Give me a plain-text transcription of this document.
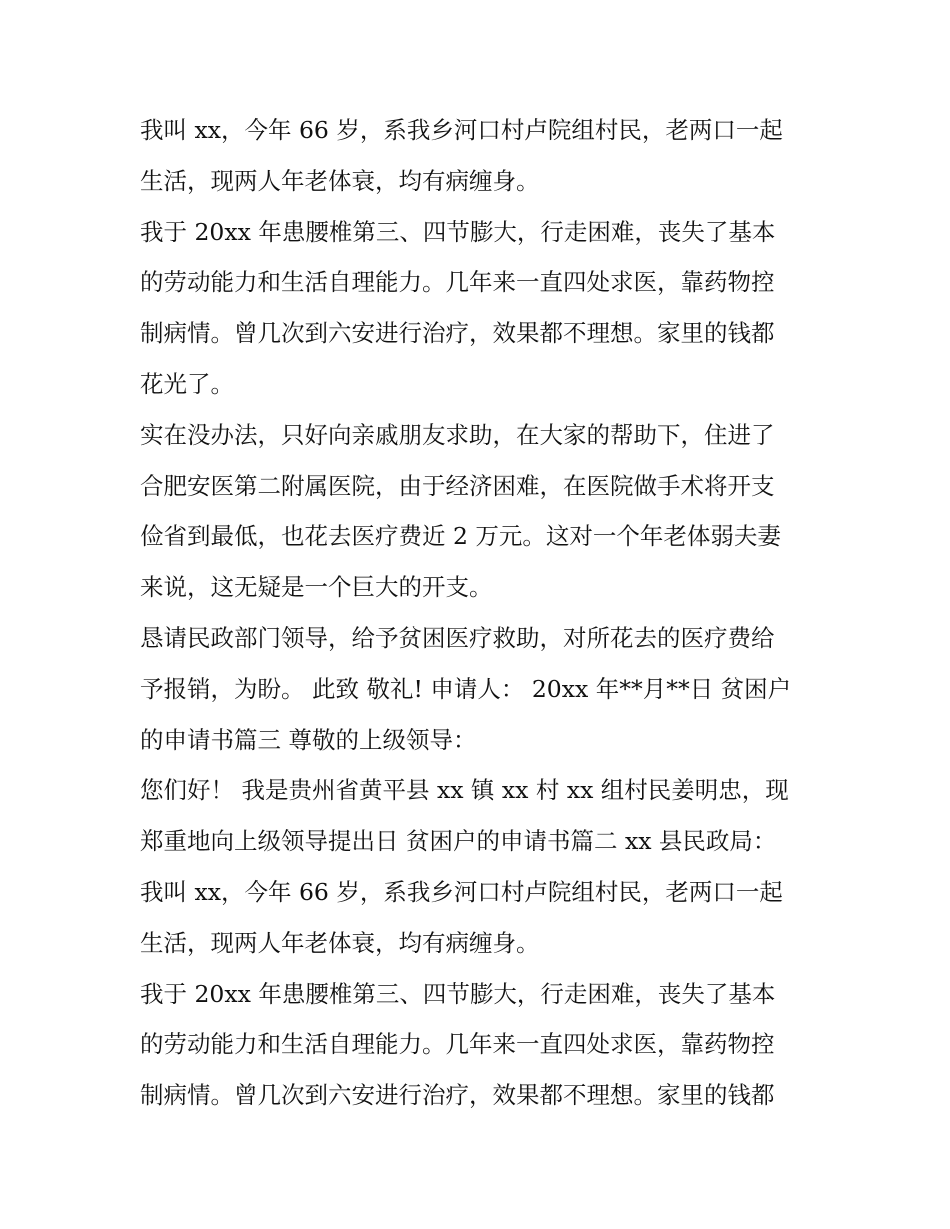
我叫 xx，今年 66 岁，系我乡河口村卢院组村民，老两口一起
生活，现两人年老体衰，均有病缠身。
我于 20xx 年患腰椎第三、四节膨大，行走困难，丧失了基本
的劳动能力和生活自理能力。几年来一直四处求医，靠药物控
制病情。曾几次到六安进行治疗，效果都不理想。家里的钱都
花光了。
实在没办法，只好向亲戚朋友求助，在大家的帮助下，住进了
合肥安医第二附属医院，由于经济困难，在医院做手术将开支
俭省到最低，也花去医疗费近 2 万元。这对一个年老体弱夫妻
来说，这无疑是一个巨大的开支。
恳请民政部门领导，给予贫困医疗救助，对所花去的医疗费给
予报销，为盼。 此致 敬礼! 申请人： 20xx 年**月**日 贫困户
的申请书篇三 尊敬的上级领导：
您们好！ 我是贵州省黄平县 xx 镇 xx 村 xx 组村民姜明忠，现
郑重地向上级领导提出日 贫困户的申请书篇二 xx 县民政局：
我叫 xx，今年 66 岁，系我乡河口村卢院组村民，老两口一起
生活，现两人年老体衰，均有病缠身。
我于 20xx 年患腰椎第三、四节膨大，行走困难，丧失了基本
的劳动能力和生活自理能力。几年来一直四处求医，靠药物控
制病情。曾几次到六安进行治疗，效果都不理想。家里的钱都
